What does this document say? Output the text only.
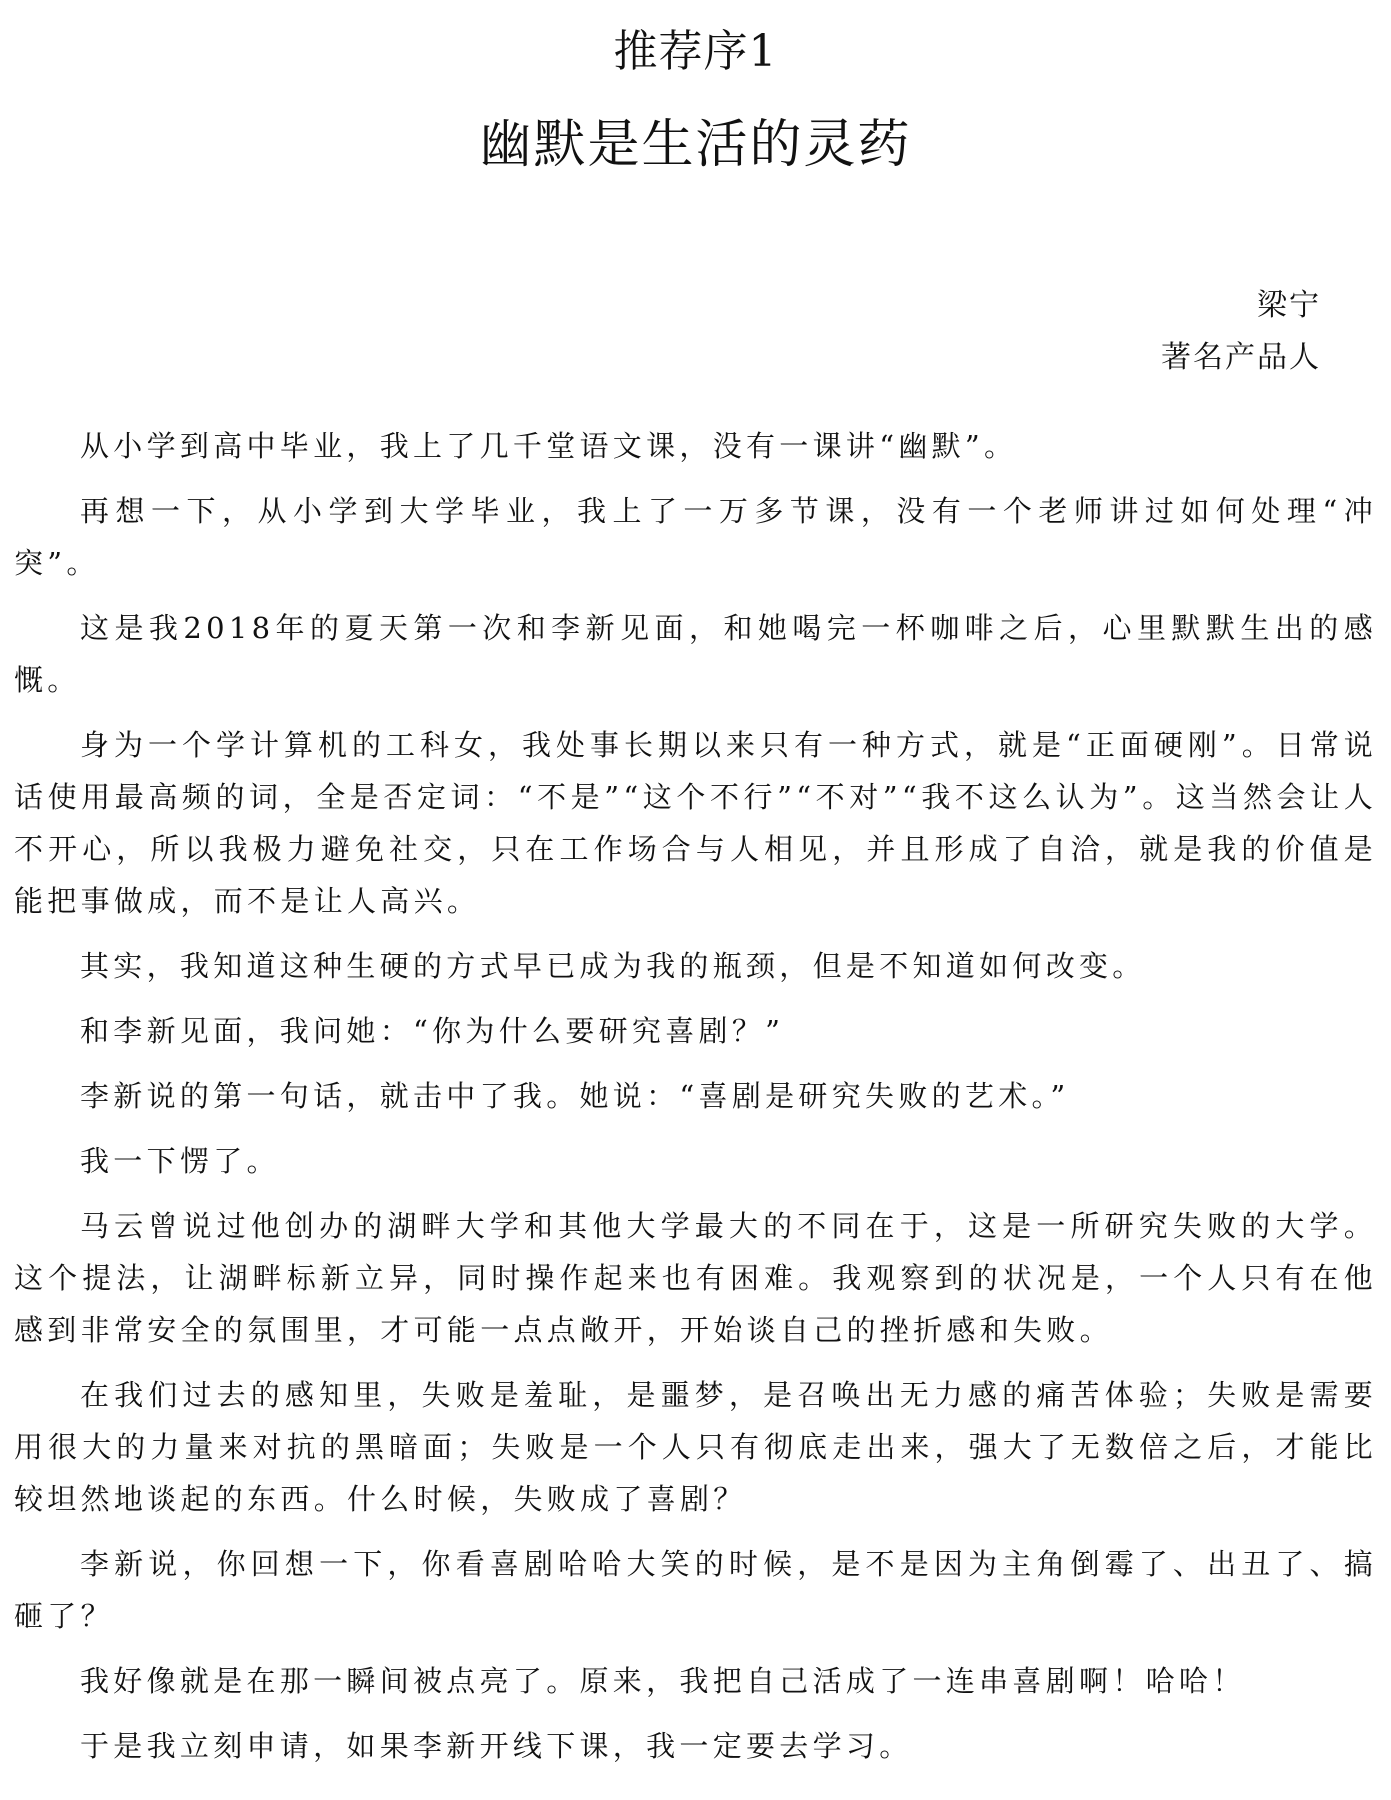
推荐序1
幽默是生活的灵药
梁宁
著名产品人

从小学到高中毕业，我上了几千堂语文课，没有一课讲“幽默”。

再想一下，从小学到大学毕业，我上了一万多节课，没有一个老师讲过如何处理“冲突”。

这是我2018年的夏天第一次和李新见面，和她喝完一杯咖啡之后，心里默默生出的感慨。

身为一个学计算机的工科女，我处事长期以来只有一种方式，就是“正面硬刚”。日常说话使用最高频的词，全是否定词：“不是”“这个不行”“不对”“我不这么认为”。这当然会让人不开心，所以我极力避免社交，只在工作场合与人相见，并且形成了自洽，就是我的价值是能把事做成，而不是让人高兴。

其实，我知道这种生硬的方式早已成为我的瓶颈，但是不知道如何改变。

和李新见面，我问她：“你为什么要研究喜剧？”

李新说的第一句话，就击中了我。她说：“喜剧是研究失败的艺术。”

我一下愣了。

马云曾说过他创办的湖畔大学和其他大学最大的不同在于，这是一所研究失败的大学。这个提法，让湖畔标新立异，同时操作起来也有困难。我观察到的状况是，一个人只有在他感到非常安全的氛围里，才可能一点点敞开，开始谈自己的挫折感和失败。

在我们过去的感知里，失败是羞耻，是噩梦，是召唤出无力感的痛苦体验；失败是需要用很大的力量来对抗的黑暗面；失败是一个人只有彻底走出来，强大了无数倍之后，才能比较坦然地谈起的东西。什么时候，失败成了喜剧？

李新说，你回想一下，你看喜剧哈哈大笑的时候，是不是因为主角倒霉了、出丑了、搞砸了？

我好像就是在那一瞬间被点亮了。原来，我把自己活成了一连串喜剧啊！哈哈！

于是我立刻申请，如果李新开线下课，我一定要去学习。
